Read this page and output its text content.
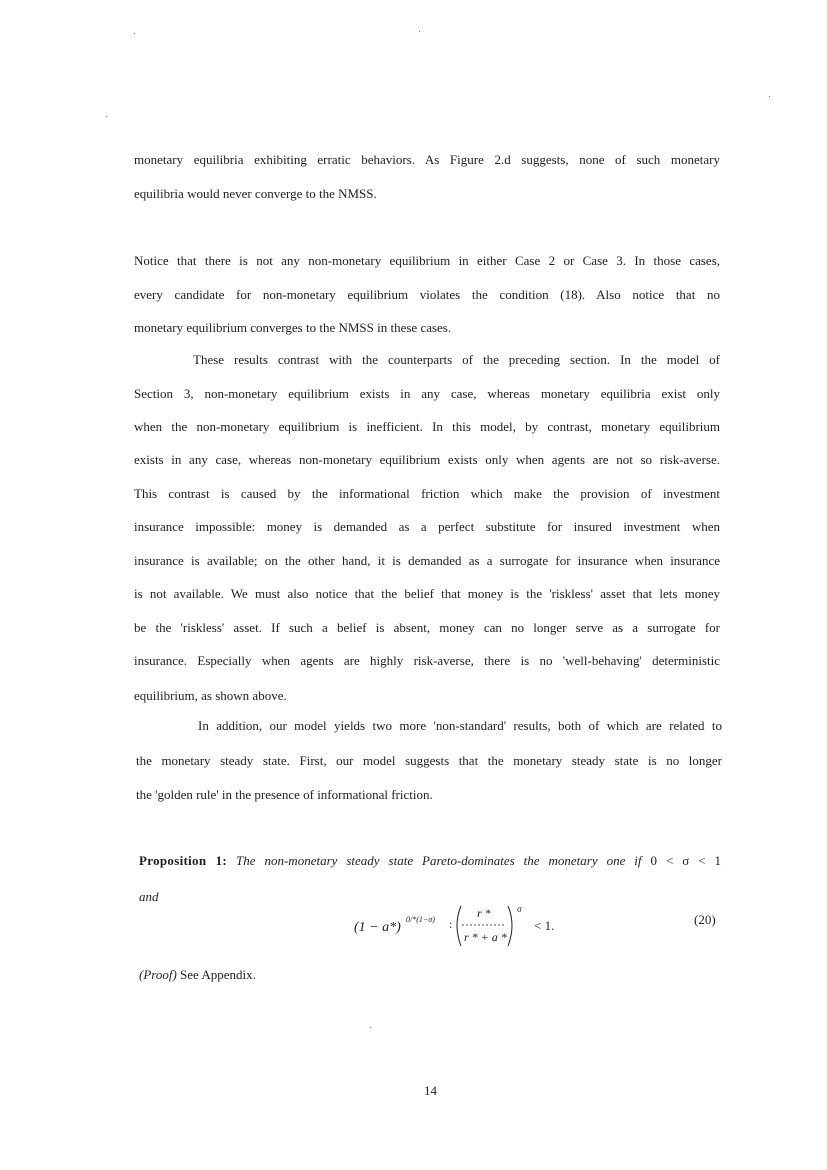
monetary equilibria exhibiting erratic behaviors. As Figure 2.d suggests, none of such monetary

equilibria would never converge to the NMSS.

Notice that there is not any non-monetary equilibrium in either Case 2 or Case 3. In those cases,

every candidate for non-monetary equilibrium violates the condition (18). Also notice that no

monetary equilibrium converges to the NMSS in these cases.

These results contrast with the counterparts of the preceding section. In the model of

Section 3, non-monetary equilibrium exists in any case, whereas monetary equilibria exist only

when the non-monetary equilibrium is inefficient. In this model, by contrast, monetary equilibrium

exists in any case, whereas non-monetary equilibrium exists only when agents are not so risk-averse.

This contrast is caused by the informational friction which make the provision of investment

insurance impossible: money is demanded as a perfect substitute for insured investment when

insurance is available; on the other hand, it is demanded as a surrogate for insurance when insurance

is not available. We must also notice that the belief that money is the 'riskless' asset that lets money

be the 'riskless' asset. If such a belief is absent, money can no longer serve as a surrogate for

insurance. Especially when agents are highly risk-averse, there is no 'well-behaving' deterministic

equilibrium, as shown above.

In addition, our model yields two more 'non-standard' results, both of which are related to

the monetary steady state. First, our model suggests that the monetary steady state is no longer

the 'golden rule' in the presence of informational friction.

Proposition 1: The non-monetary steady state Pareto-dominates the monetary one if 0 < σ < 1

and

(1 − a*)
0/*(1−σ) :
r *
r * + a *
σ
< 1.	(20)

(Proof) See Appendix.

14
